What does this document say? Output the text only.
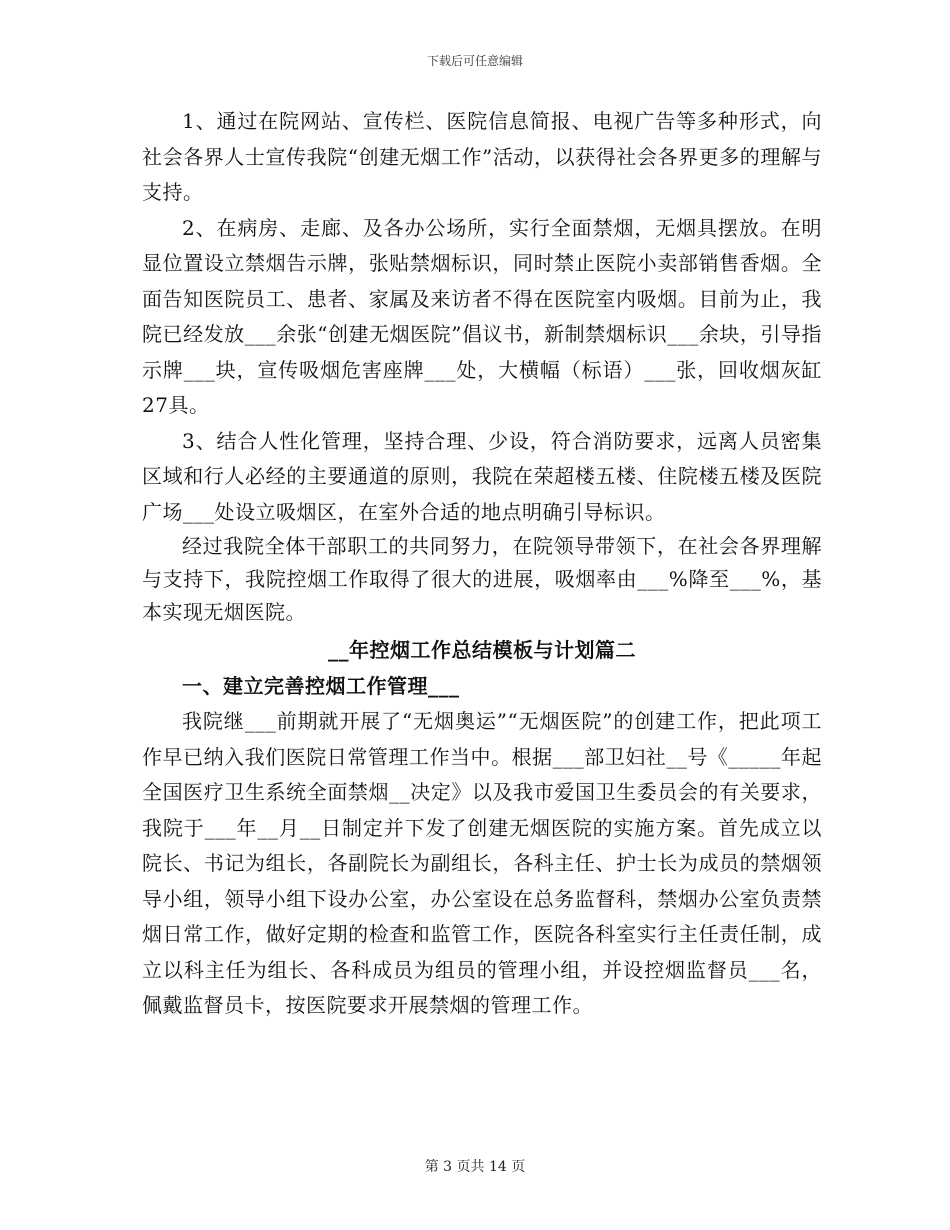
下载后可任意编辑

1、通过在院网站、宣传栏、医院信息简报、电视广告等多种形式，向社会各界人士宣传我院“创建无烟工作”活动，以获得社会各界更多的理解与支持。

2、在病房、走廊、及各办公场所，实行全面禁烟，无烟具摆放。在明显位置设立禁烟告示牌，张贴禁烟标识，同时禁止医院小卖部销售香烟。全面告知医院员工、患者、家属及来访者不得在医院室内吸烟。目前为止，我院已经发放___余张“创建无烟医院”倡议书，新制禁烟标识___余块，引导指示牌___块，宣传吸烟危害座牌___处，大横幅（标语）___张，回收烟灰缸27具。

3、结合人性化管理，坚持合理、少设，符合消防要求，远离人员密集区域和行人必经的主要通道的原则，我院在荣超楼五楼、住院楼五楼及医院广场___处设立吸烟区，在室外合适的地点明确引导标识。

经过我院全体干部职工的共同努力，在院领导带领下，在社会各界理解与支持下，我院控烟工作取得了很大的进展，吸烟率由___%降至___%，基本实现无烟医院。

__年控烟工作总结模板与计划篇二

一、建立完善控烟工作管理___

我院继___前期就开展了“无烟奥运”“无烟医院”的创建工作，把此项工作早已纳入我们医院日常管理工作当中。根据___部卫妇社__号《_____年起全国医疗卫生系统全面禁烟__决定》以及我市爱国卫生委员会的有关要求，我院于___年__月__日制定并下发了创建无烟医院的实施方案。首先成立以院长、书记为组长，各副院长为副组长，各科主任、护士长为成员的禁烟领导小组，领导小组下设办公室，办公室设在总务监督科，禁烟办公室负责禁烟日常工作，做好定期的检查和监管工作，医院各科室实行主任责任制，成立以科主任为组长、各科成员为组员的管理小组，并设控烟监督员___名，佩戴监督员卡，按医院要求开展禁烟的管理工作。

第 3 页共 14 页
